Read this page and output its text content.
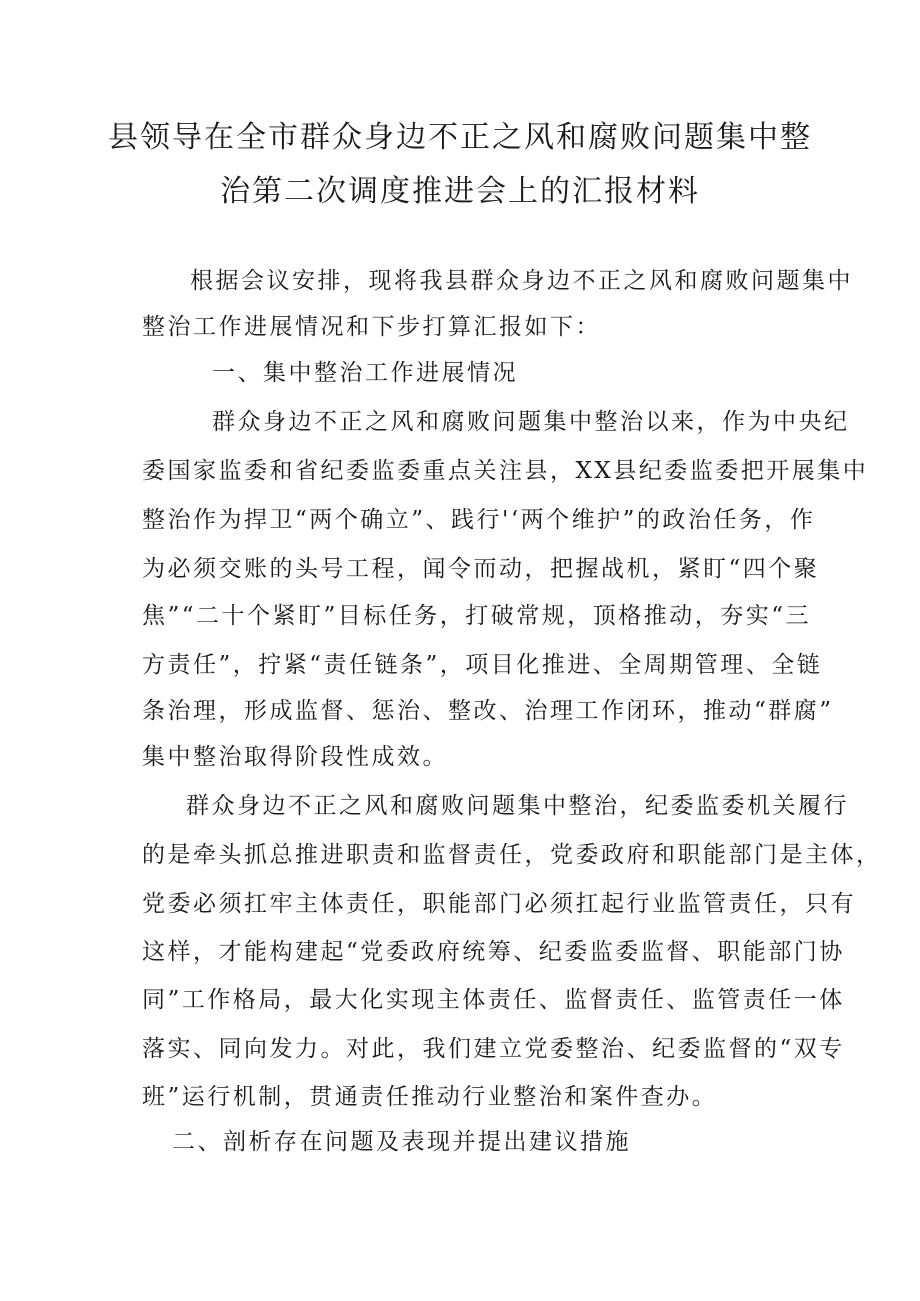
县领导在全市群众身边不正之风和腐败问题集中整
治第二次调度推进会上的汇报材料
根据会议安排，现将我县群众身边不正之风和腐败问题集中
整治工作进展情况和下步打算汇报如下：
一、集中整治工作进展情况
群众身边不正之风和腐败问题集中整治以来，作为中央纪
委国家监委和省纪委监委重点关注县，XX县纪委监委把开展集中
整治作为捍卫“两个确立”、践行'‘两个维护”的政治任务，作
为必须交账的头号工程，闻令而动，把握战机，紧盯“四个聚
焦”“二十个紧盯”目标任务，打破常规，顶格推动，夯实“三
方责任”，拧紧“责任链条”，项目化推进、全周期管理、全链
条治理，形成监督、惩治、整改、治理工作闭环，推动“群腐”
集中整治取得阶段性成效。
群众身边不正之风和腐败问题集中整治，纪委监委机关履行
的是牵头抓总推进职责和监督责任，党委政府和职能部门是主体，
党委必须扛牢主体责任，职能部门必须扛起行业监管责任，只有
这样，才能构建起“党委政府统筹、纪委监委监督、职能部门协
同”工作格局，最大化实现主体责任、监督责任、监管责任一体
落实、同向发力。对此，我们建立党委整治、纪委监督的“双专
班”运行机制，贯通责任推动行业整治和案件查办。
二、剖析存在问题及表现并提出建议措施
